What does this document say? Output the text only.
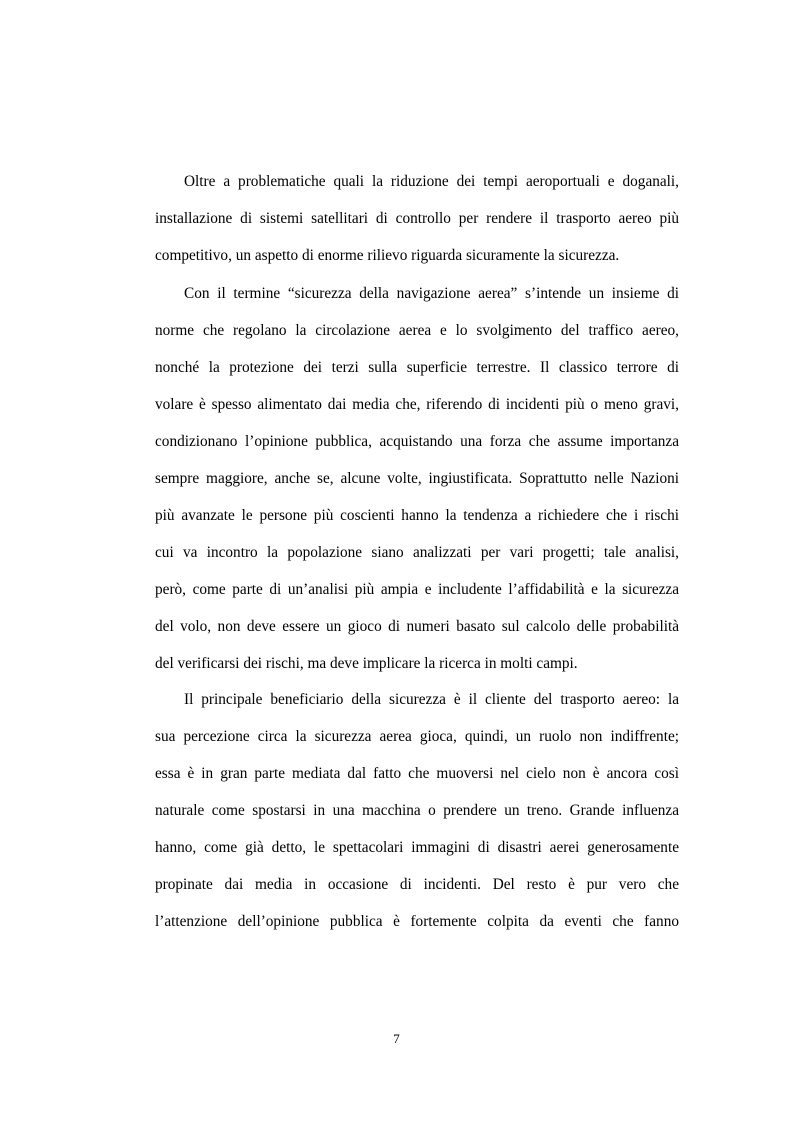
Oltre a problematiche quali la riduzione dei tempi aeroportuali e doganali,

installazione di sistemi satellitari di controllo per rendere il trasporto aereo più

competitivo, un aspetto di enorme rilievo riguarda sicuramente la sicurezza.

Con il termine “sicurezza della navigazione aerea” s’intende un insieme di

norme che regolano la circolazione aerea e lo svolgimento del traffico aereo,

nonché la protezione dei terzi sulla superficie terrestre. Il classico terrore di

volare è spesso alimentato dai media che, riferendo di incidenti più o meno gravi,

condizionano l’opinione pubblica, acquistando una forza che assume importanza

sempre maggiore, anche se, alcune volte, ingiustificata. Soprattutto nelle Nazioni

più avanzate le persone più coscienti hanno la tendenza a richiedere che i rischi

cui va incontro la popolazione siano analizzati per vari progetti; tale analisi,

però, come parte di un’analisi più ampia e includente l’affidabilità e la sicurezza

del volo, non deve essere un gioco di numeri basato sul calcolo delle probabilità

del verificarsi dei rischi, ma deve implicare la ricerca in molti campi.

Il principale beneficiario della sicurezza è il cliente del trasporto aereo: la

sua percezione circa la sicurezza aerea gioca, quindi, un ruolo non indiffrente;

essa è in gran parte mediata dal fatto che muoversi nel cielo non è ancora così

naturale come spostarsi in una macchina o prendere un treno. Grande influenza

hanno, come già detto, le spettacolari immagini di disastri aerei generosamente

propinate dai media in occasione di incidenti. Del resto è pur vero che

l’attenzione dell’opinione pubblica è fortemente colpita da eventi che fanno

7
